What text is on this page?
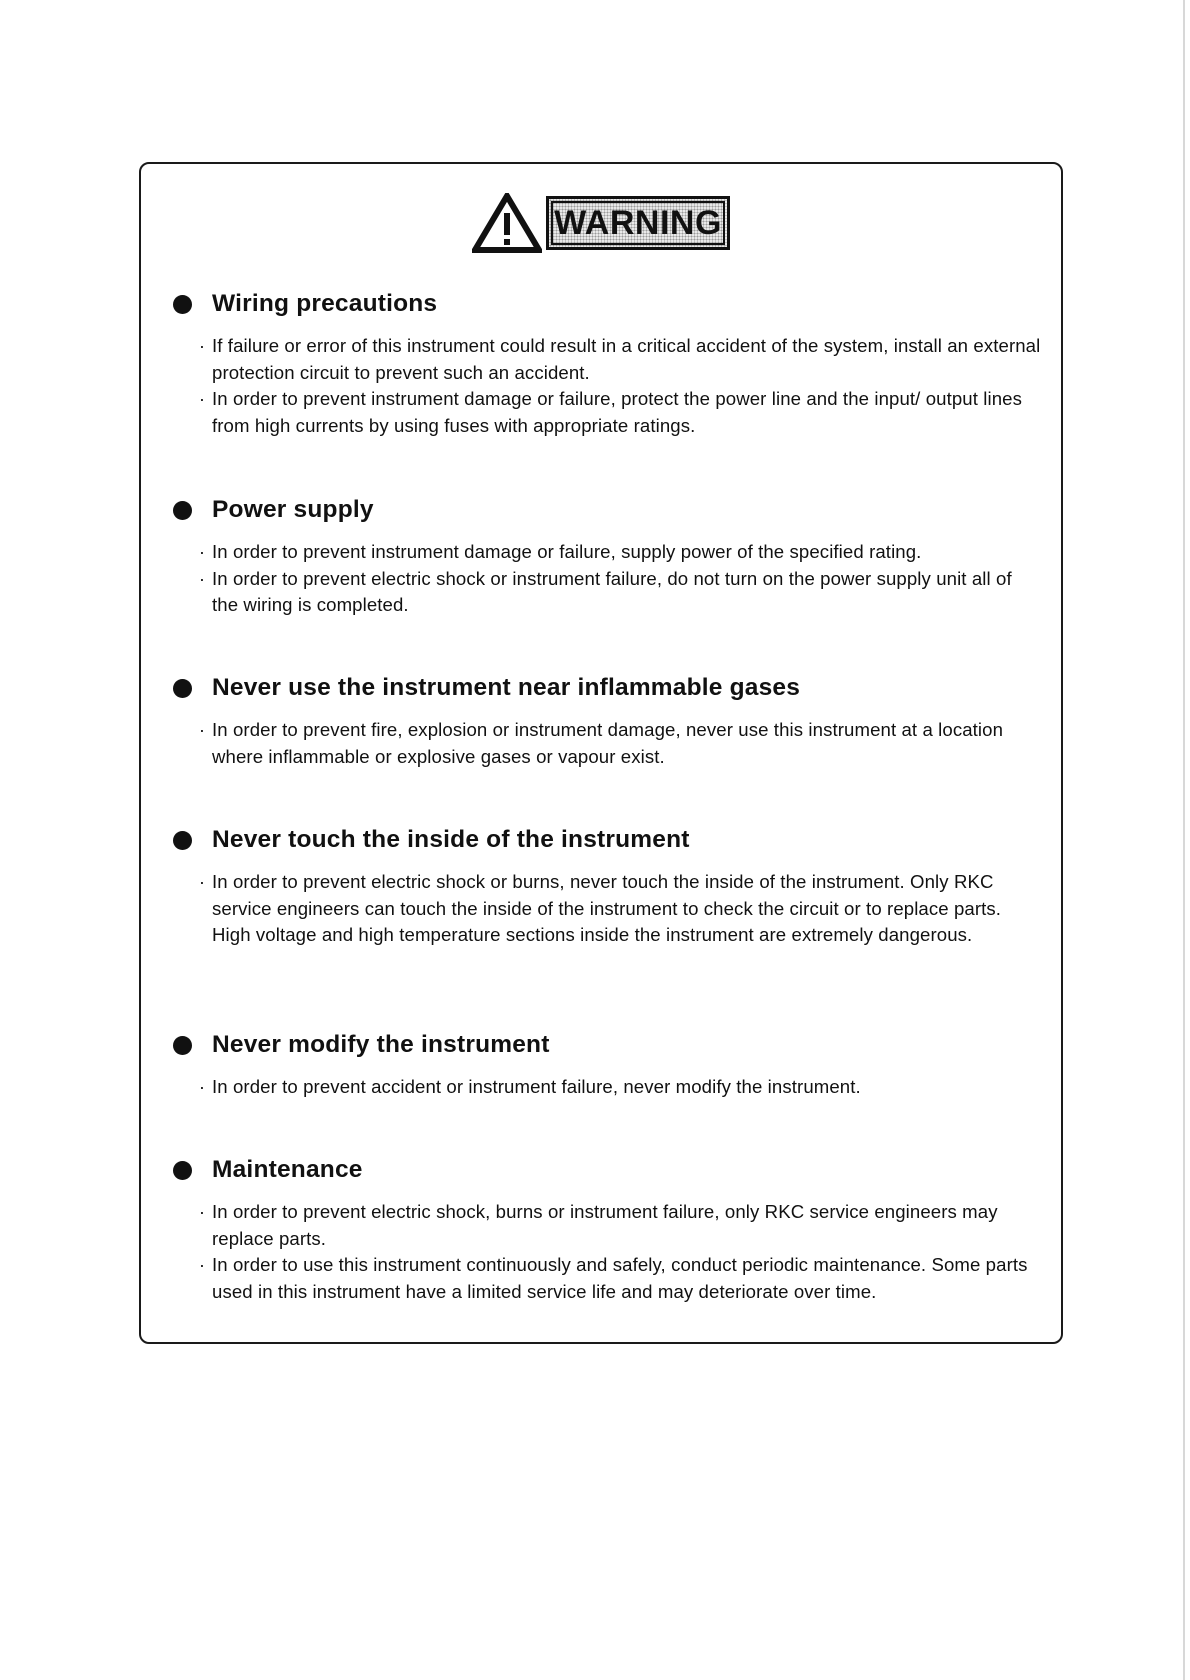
WARNING
Wiring precautions
· If failure or error of this instrument could result in a critical accident of the system, install an external protection circuit to prevent such an accident.
· In order to prevent instrument damage or failure, protect the power line and the input/ output lines from high currents by using fuses with appropriate ratings.
Power supply
· In order to prevent instrument damage or failure, supply power of the specified rating.
· In order to prevent electric shock or instrument failure, do not turn on the power supply unit all of the wiring is completed.
Never use the instrument near inflammable gases
· In order to prevent fire, explosion or instrument damage, never use this instrument at a location where inflammable or explosive gases or vapour exist.
Never touch the inside of the instrument
· In order to prevent electric shock or burns, never touch the inside of the instrument. Only RKC service engineers can touch the inside of the instrument to check the circuit or to replace parts. High voltage and high temperature sections inside the instrument are extremely dangerous.
Never modify the instrument
· In order to prevent accident or instrument failure, never modify the instrument.
Maintenance
· In order to prevent electric shock, burns or instrument failure, only RKC service engineers may replace parts.
· In order to use this instrument continuously and safely, conduct periodic maintenance. Some parts used in this instrument have a limited service life and may deteriorate over time.
